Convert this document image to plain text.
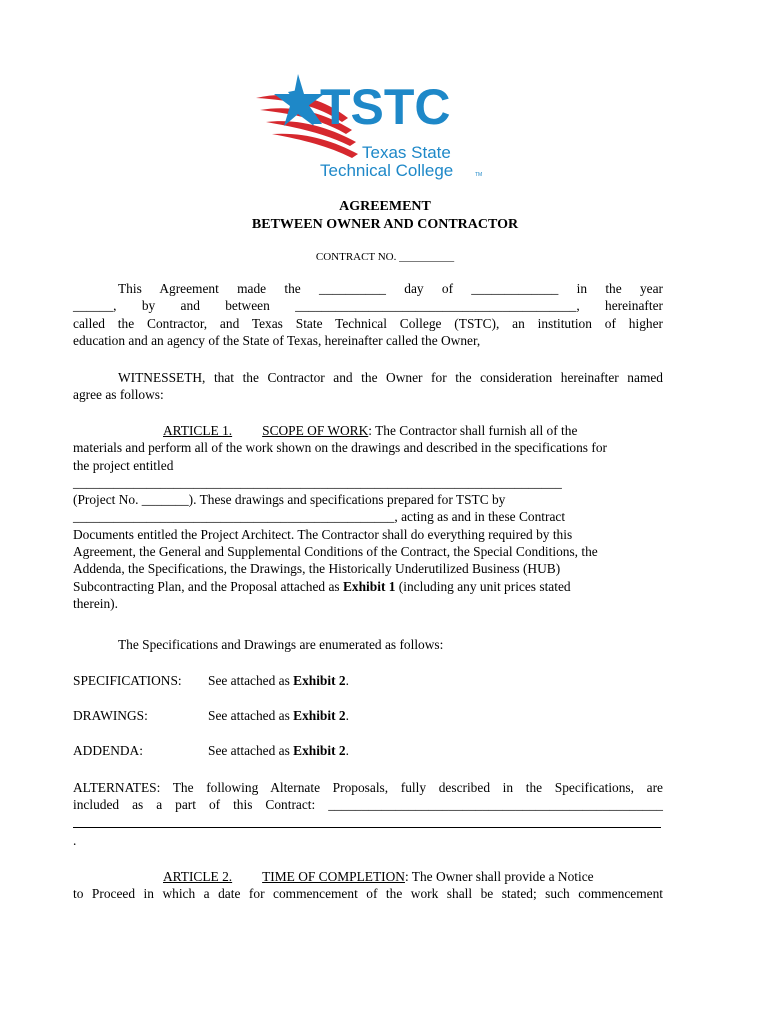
TSTC
Texas State
Technical College	TM
AGREEMENT
BETWEEN OWNER AND CONTRACTOR
CONTRACT NO. __________
This Agreement made the __________ day of _____________ in the year
______, by and between __________________________________________, hereinafter
called the Contractor, and Texas State Technical College (TSTC), an institution of higher
education and an agency of the State of Texas, hereinafter called the Owner,
WITNESSETH, that the Contractor and the Owner for the consideration hereinafter named
agree as follows:
ARTICLE 1. SCOPE OF WORK: The Contractor shall furnish all of the
materials and perform all of the work shown on the drawings and described in the specifications for
the project entitled
_________________________________________________________________________
(Project No. _______). These drawings and specifications prepared for TSTC by
________________________________________________, acting as and in these Contract
Documents entitled the Project Architect. The Contractor shall do everything required by this
Agreement, the General and Supplemental Conditions of the Contract, the Special Conditions, the
Addenda, the Specifications, the Drawings, the Historically Underutilized Business (HUB)
Subcontracting Plan, and the Proposal attached as Exhibit 1 (including any unit prices stated
therein).
The Specifications and Drawings are enumerated as follows:
SPECIFICATIONS: See attached as Exhibit 2.
DRAWINGS:	See attached as Exhibit 2.
ADDENDA:	See attached as Exhibit 2.
ALTERNATES: The following Alternate Proposals, fully described in the Specifications, are
included as a part of this Contract: __________________________________________________
.
ARTICLE 2. TIME OF COMPLETION: The Owner shall provide a Notice
to Proceed in which a date for commencement of the work shall be stated; such commencement
